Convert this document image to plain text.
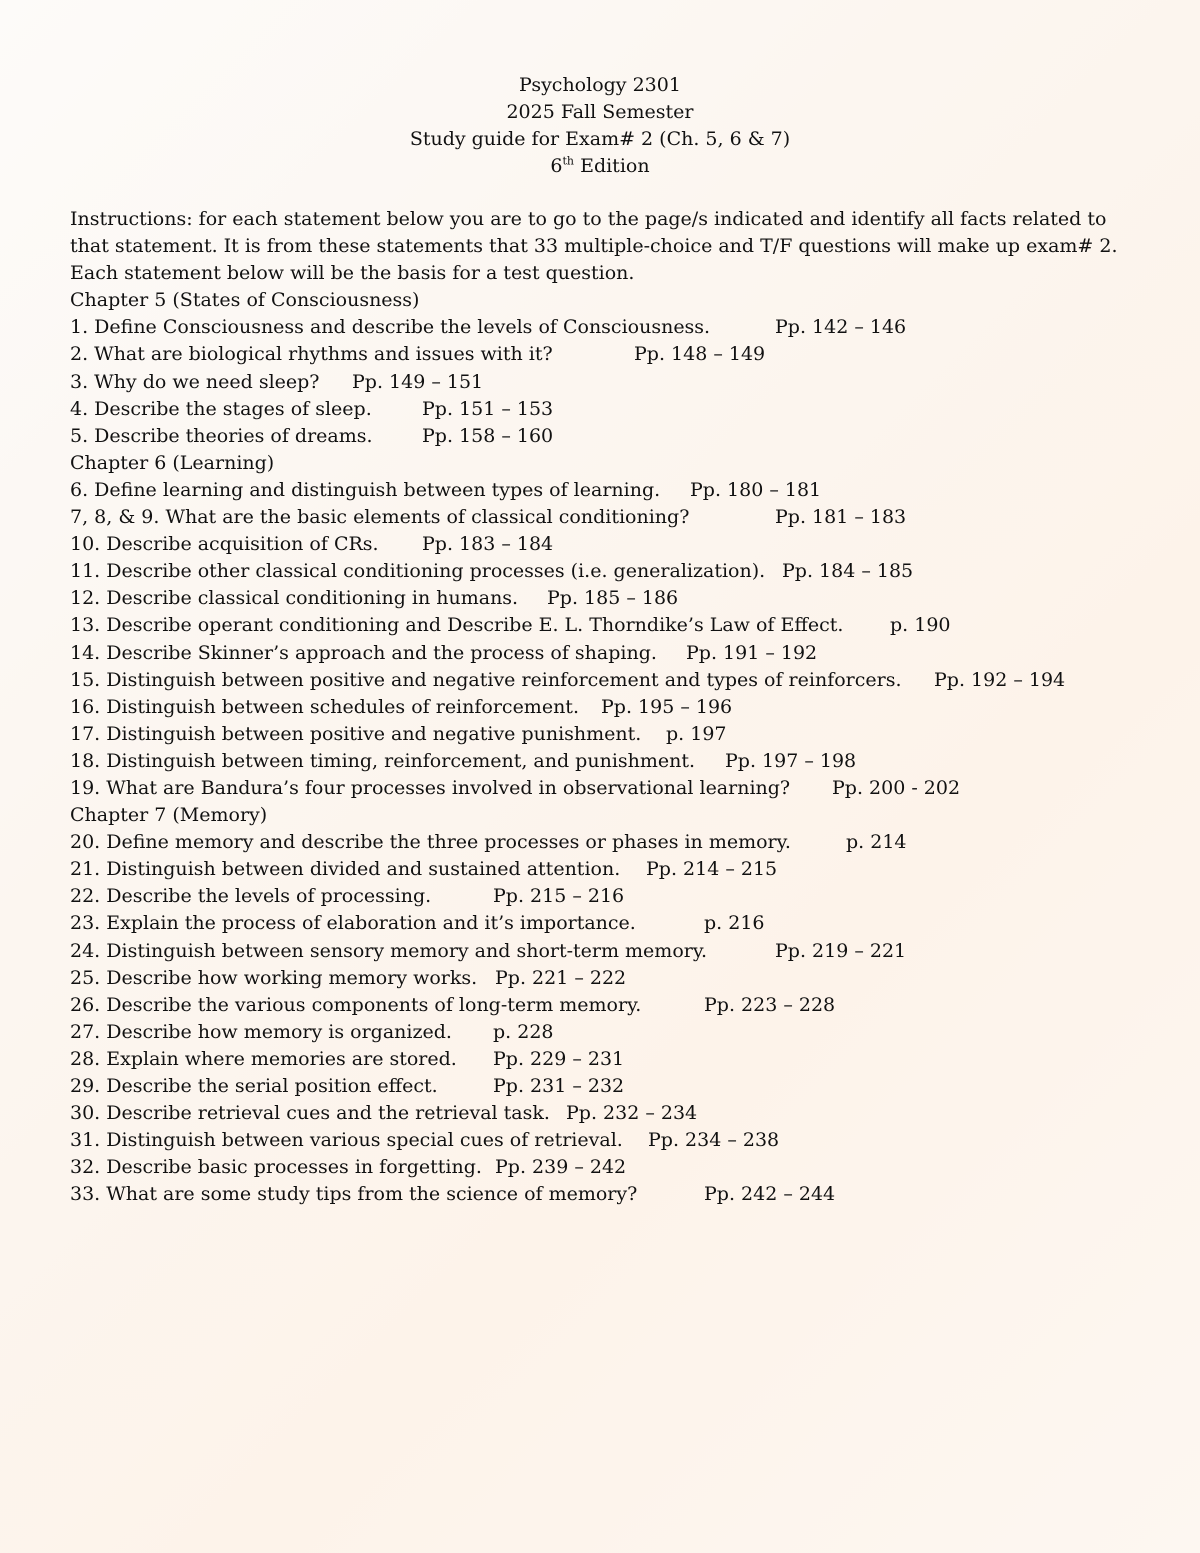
Psychology 2301
2025 Fall Semester
Study guide for Exam# 2 (Ch. 5, 6 & 7)
6th Edition
Instructions: for each statement below you are to go to the page/s indicated and identify all facts related to that statement. It is from these statements that 33 multiple-choice and T/F questions will make up exam# 2. Each statement below will be the basis for a test question.
Chapter 5 (States of Consciousness)
1. Define Consciousness and describe the levels of Consciousness.	Pp. 142 – 146
2. What are biological rhythms and issues with it?	Pp. 148 – 149
3. Why do we need sleep? Pp. 149 – 151
4. Describe the stages of sleep.	Pp. 151 – 153
5. Describe theories of dreams.	Pp. 158 – 160
Chapter 6 (Learning)
6. Define learning and distinguish between types of learning. Pp. 180 – 181
7, 8, & 9. What are the basic elements of classical conditioning?	Pp. 181 – 183
10. Describe acquisition of CRs. Pp. 183 – 184
11. Describe other classical conditioning processes (i.e. generalization). Pp. 184 – 185
12. Describe classical conditioning in humans. Pp. 185 – 186
13. Describe operant conditioning and Describe E. L. Thorndike’s Law of Effect. p. 190
14. Describe Skinner’s approach and the process of shaping. Pp. 191 – 192
15. Distinguish between positive and negative reinforcement and types of reinforcers. Pp. 192 – 194
16. Distinguish between schedules of reinforcement. Pp. 195 – 196
17. Distinguish between positive and negative punishment. p. 197
18. Distinguish between timing, reinforcement, and punishment. Pp. 197 – 198
19. What are Bandura’s four processes involved in observational learning? Pp. 200 - 202
Chapter 7 (Memory)
20. Define memory and describe the three processes or phases in memory.	p. 214
21. Distinguish between divided and sustained attention. Pp. 214 – 215
22. Describe the levels of processing.	Pp. 215 – 216
23. Explain the process of elaboration and it’s importance.	p. 216
24. Distinguish between sensory memory and short-term memory.	Pp. 219 – 221
25. Describe how working memory works. Pp. 221 – 222
26. Describe the various components of long-term memory.	Pp. 223 – 228
27. Describe how memory is organized. p. 228
28. Explain where memories are stored. Pp. 229 – 231
29. Describe the serial position effect.	Pp. 231 – 232
30. Describe retrieval cues and the retrieval task. Pp. 232 – 234
31. Distinguish between various special cues of retrieval. Pp. 234 – 238
32. Describe basic processes in forgetting. Pp. 239 – 242
33. What are some study tips from the science of memory?	Pp. 242 – 244
